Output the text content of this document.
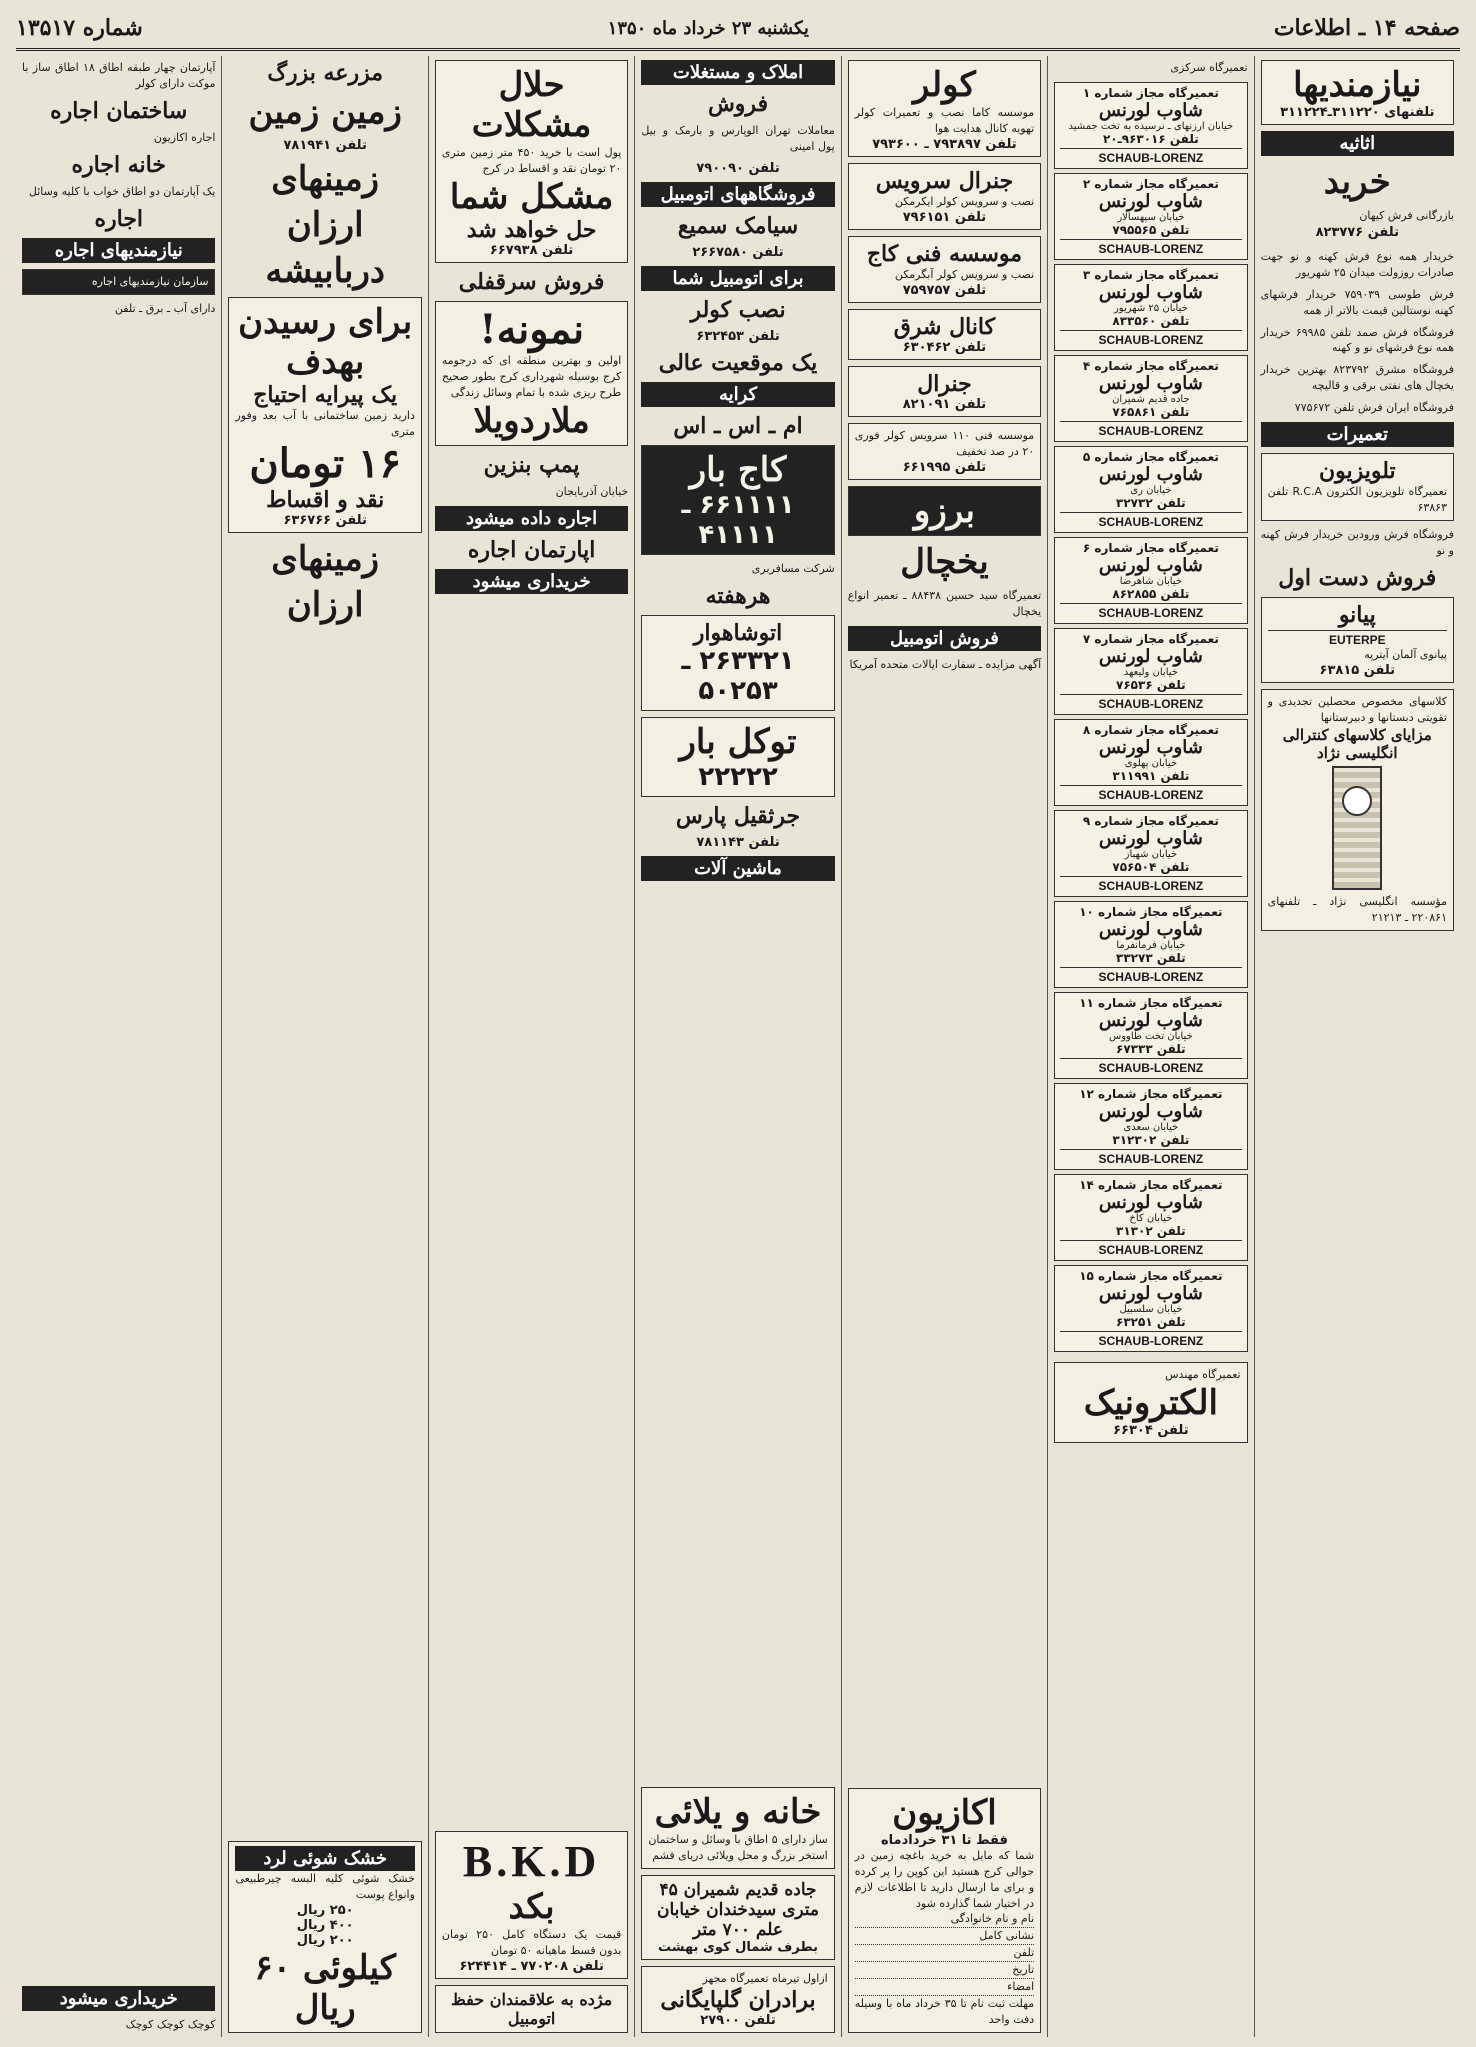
صفحه ۱۴ ـ اطلاعات
یکشنبه ۲۳ خرداد ماه ۱۳۵۰
شماره ۱۳۵۱۷
نیازمندیها
تلفنهای ۳۱۱۲۲۰ـ۳۱۱۲۲۴
اثاثیه
خرید
بازرگانی فرش کیهان
تلفن ۸۲۳۷۷۶
خریدار همه نوع فرش کهنه و نو جهت صادرات روزولت میدان ۲۵ شهریور
فرش طوسی ۷۵۹۰۳۹ خریدار فرشهای کهنه نوستالین قیمت بالاتر از همه
فروشگاه فرش صمد تلفن ۶۹۹۸۵ خریدار همه نوع فرشهای نو و کهنه
فروشگاه مشرق ۸۲۳۷۹۲ بهترین خریدار یخچال های نفتی برقی و قالیچه
فروشگاه ایران فرش تلفن ۷۷۵۶۷۲
تعمیرات
تلویزیون
تعمیرگاه تلویزیون الکترون R.C.A تلفن ۶۳۸۶۳
فروشگاه فرش ورودین خریدار فرش کهنه و نو
فروش دست اول
پیانو
EUTERPE
پیانوی آلمان آیترپه
تلفن ۶۳۸۱۵
کلاسهای مخصوص محصلین تجدیدی و تقویتی دبستانها و دبیرستانها
مزایای کلاسهای کنترالی انگلیسی نژاد
مؤسسه انگلیسی نژاد ـ تلفنهای ۲۲۰۸۶۱ ـ ۲۱۲۱۳
تعمیرگاه سرکزی
تعمیرگاه مجاز شماره ۱
شاوب لورنس
خیابان ارزنهای ـ نرسیده به تخت جمشید
تلفن ۹۶۳۰۱۶ـ۲۰
SCHAUB-LORENZ
تعمیرگاه مجاز شماره ۲
شاوب لورنس
خیابان سپهسالار
تلفن ۷۹۵۵۶۵
SCHAUB-LORENZ
تعمیرگاه مجاز شماره ۳
شاوب لورنس
خیابان ۲۵ شهریور
تلفن ۸۳۳۵۶۰
SCHAUB-LORENZ
تعمیرگاه مجاز شماره ۴
شاوب لورنس
جاده قدیم شمیران
تلفن ۷۶۵۸۶۱
SCHAUB-LORENZ
تعمیرگاه مجاز شماره ۵
شاوب لورنس
خیابان ری
تلفن ۳۲۷۳۲
SCHAUB-LORENZ
تعمیرگاه مجاز شماره ۶
شاوب لورنس
خیابان شاهرضا
تلفن ۸۶۲۸۵۵
SCHAUB-LORENZ
تعمیرگاه مجاز شماره ۷
شاوب لورنس
خیابان ولیعهد
تلفن ۷۶۵۳۶
SCHAUB-LORENZ
تعمیرگاه مجاز شماره ۸
شاوب لورنس
خیابان پهلوی
تلفن ۳۱۱۹۹۱
SCHAUB-LORENZ
تعمیرگاه مجاز شماره ۹
شاوب لورنس
خیابان شهباز
تلفن ۷۵۶۵۰۴
SCHAUB-LORENZ
تعمیرگاه مجاز شماره ۱۰
شاوب لورنس
خیابان فرمانفرما
تلفن ۳۳۲۷۳
SCHAUB-LORENZ
تعمیرگاه مجاز شماره ۱۱
شاوب لورنس
خیابان تخت طاووس
تلفن ۶۷۳۳۳
SCHAUB-LORENZ
تعمیرگاه مجاز شماره ۱۲
شاوب لورنس
خیابان سعدی
تلفن ۳۱۲۳۰۲
SCHAUB-LORENZ
تعمیرگاه مجاز شماره ۱۴
شاوب لورنس
خیابان کاخ
تلفن ۳۱۳۰۲
SCHAUB-LORENZ
تعمیرگاه مجاز شماره ۱۵
شاوب لورنس
خیابان سلسبیل
تلفن ۶۳۲۵۱
SCHAUB-LORENZ
تعمیرگاه مهندس
الکترونیک
تلفن ۶۶۳۰۴
کولر
موسسه کاما نصب و تعمیرات کولر تهویه کانال هدایت هوا
تلفن ۷۹۳۸۹۷ ـ ۷۹۳۶۰۰
جنرال سرویس
نصب و سرویس کولر ایکرمکن
تلفن ۷۹۶۱۵۱
موسسه فنی کاج
نصب و سرویس کولر آبگرمکن
تلفن ۷۵۹۷۵۷
کانال شرق
تلفن ۶۳۰۴۶۲
جنرال
تلفن ۸۲۱۰۹۱
موسسه فنی ۱۱۰ سرویس کولر فوری ۲۰ در صد تخفیف
تلفن ۶۶۱۹۹۵
برزو
یخچال
تعمیرگاه سید حسین ۸۸۴۳۸ ـ تعمیر انواع یخچال
فروش اتومبیل
آگهی مزایده ـ سفارت ایالات متحده آمریکا
اکازیون
فقط تا ۳۱ خردادماه
شما که مایل به خرید باغچه زمین در حوالی کرج هستید این کوپن را پر کرده و برای ما ارسال دارید تا اطلاعات لازم در اختیار شما گذارده شود
نام و نام خانوادگی
نشانی کامل
تلفن
تاریخ
امضاء
مهلت ثبت نام تا ۳۵ خرداد ماه با وسیله دفت واحد
املاک و مستغلات
فروش
معاملات تهران الوپارس و بارمک و بیل پول امینی
تلفن ۷۹۰۰۹۰
فروشگاههای اتومبیل
سیامک سمیع
تلفن ۲۶۶۷۵۸۰
برای اتومبیل شما
نصب کولر
تلفن ۶۳۲۴۵۳
یک موقعیت عالی
کرایه
ام ـ اس ـ اس
کاج بار
۶۶۱۱۱۱ ـ ۴۱۱۱۱
شرکت مسافربری
هرهفته
اتوشاهوار
۲۶۳۳۲۱ ـ ۵۰۲۵۳
توکل بار
۲۲۲۲۲
جرثقیل پارس
تلفن ۷۸۱۱۴۳
ماشین آلات
خانه و یلائی
ساز دارای ۵ اطاق با وسائل و ساختمان استخر بزرگ و محل ویلائی دریای فشم
جاده قدیم شمیران ۴۵ متری سیدخندان خیابان علم ۷۰۰ متر
بطرف شمال کوی بهشت
ازاول تیرماه تعمیرگاه مجهز
برادران گلپایگانی
تلفن ۲۷۹۰۰
حلال
مشکلات
پول است با خرید ۴۵۰ متر زمین متری ۲۰ تومان نقد و اقساط در کرج
مشکل شما
حل خواهد شد
تلفن ۶۶۷۹۳۸
فروش سرقفلی
نمونه!
اولین و بهترین منطقه ای که درحومه کرج بوسیله شهرداری کرج بطور صحیح طرح ریزی شده با تمام وسائل زندگی
ملاردویلا
پمپ بنزین
خیابان آذربایجان
اجاره داده میشود
اپارتمان اجاره
خریداری میشود
B.K.D
بکد
قیمت یک دستگاه کامل ۲۵۰ تومان بدون قسط ماهیانه ۵۰ تومان
تلفن ۷۷۰۲۰۸ ـ ۶۲۴۴۱۴
مژده به علاقمندان حفظ اتومبیل
مزرعه بزرگ
زمین زمین
تلفن ۷۸۱۹۴۱
زمینهای
ارزان
دربابیشه
برای رسیدن بهدف
یک پیرایه احتیاج
دارید زمین ساختمانی با آب بعد وفور متری
۱۶ تومان
نقد و اقساط
تلفن ۶۳۶۷۶۶
زمینهای
ارزان
خشک شوئی لرد
خشک شوئی کلیه البسه چیرطبیعی وانواع پوست
۲۵۰ ریال
۴۰۰ ریال
۲۰۰ ریال
کیلوئی ۶۰ ریال
آپارتمان چهار طبقه اطاق ۱۸ اطاق ساز با موکت دارای کولر
ساختمان اجاره
اجاره اکازیون
خانه اجاره
یک آپارتمان دو اطاق خواب با کلیه وسائل
اجاره
نیازمندیهای اجاره
سازمان نیازمندیهای اجاره
دارای آب ـ برق ـ تلفن
خریداری میشود
کوچک کوچک کوچک
